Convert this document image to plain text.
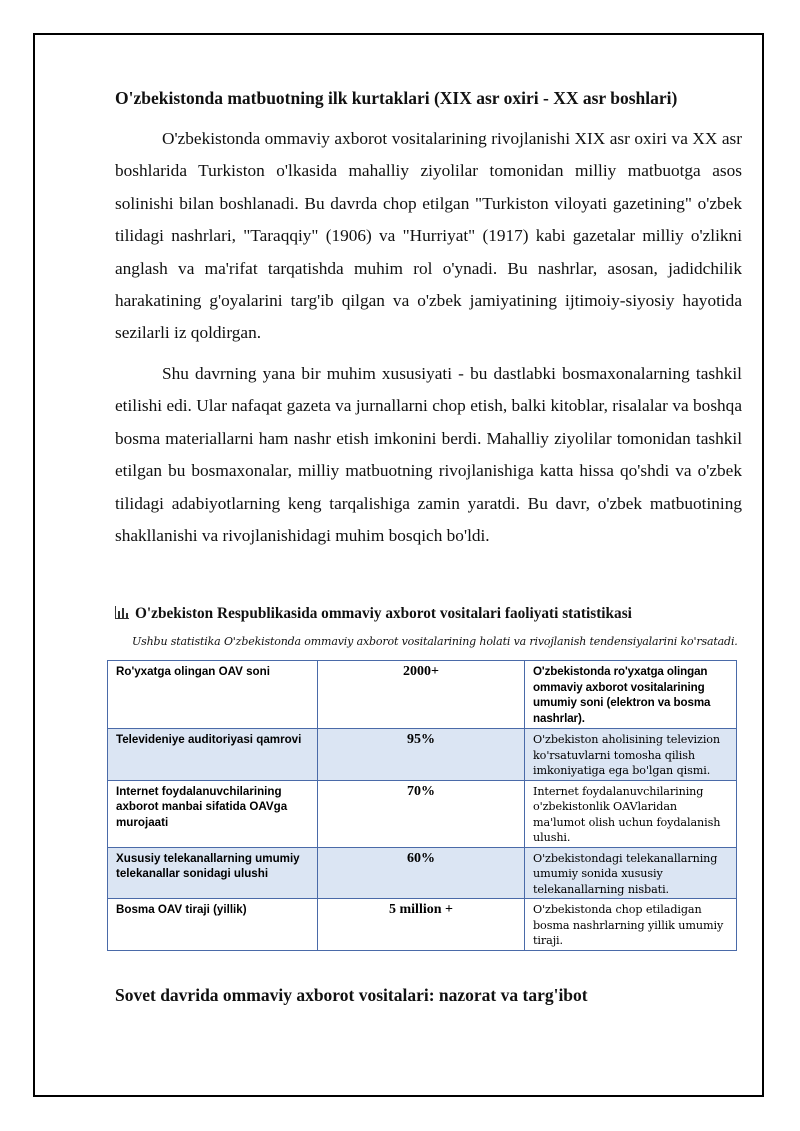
O'zbekistonda matbuotning ilk kurtaklari (XIX asr oxiri - XX asr boshlari)

O'zbekistonda ommaviy axborot vositalarining rivojlanishi XIX asr oxiri va XX asr boshlarida Turkiston o'lkasida mahalliy ziyolilar tomonidan milliy matbuotga asos solinishi bilan boshlanadi. Bu davrda chop etilgan "Turkiston viloyati gazetining" o'zbek tilidagi nashrlari, "Taraqqiy" (1906) va "Hurriyat" (1917) kabi gazetalar milliy o'zlikni anglash va ma'rifat tarqatishda muhim rol o'ynadi. Bu nashrlar, asosan, jadidchilik harakatining g'oyalarini targ'ib qilgan va o'zbek jamiyatining ijtimoiy-siyosiy hayotida sezilarli iz qoldirgan.

Shu davrning yana bir muhim xususiyati - bu dastlabki bosmaxonalarning tashkil etilishi edi. Ular nafaqat gazeta va jurnallarni chop etish, balki kitoblar, risalalar va boshqa bosma materiallarni ham nashr etish imkonini berdi. Mahalliy ziyolilar tomonidan tashkil etilgan bu bosmaxonalar, milliy matbuotning rivojlanishiga katta hissa qo'shdi va o'zbek tilidagi adabiyotlarning keng tarqalishiga zamin yaratdi. Bu davr, o'zbek matbuotining shakllanishi va rivojlanishidagi muhim bosqich bo'ldi.

O'zbekiston Respublikasida ommaviy axborot vositalari faoliyati statistikasi
Ushbu statistika O'zbekistonda ommaviy axborot vositalarining holati va rivojlanish tendensiyalarini ko'rsatadi.
Ro'yxatga olingan OAV soni	2000+	O'zbekistonda ro'yxatga olingan ommaviy axborot vositalarining umumiy soni (elektron va bosma nashrlar).
Televideniye auditoriyasi qamrovi	95%	O'zbekiston aholisining televizion ko'rsatuvlarni tomosha qilish imkoniyatiga ega bo'lgan qismi.
Internet foydalanuvchilarining axborot manbai sifatida OAVga murojaati	70%	Internet foydalanuvchilarining o'zbekistonlik OAVlaridan ma'lumot olish uchun foydalanish ulushi.
Xususiy telekanallarning umumiy telekanallar sonidagi ulushi	60%	O'zbekistondagi telekanallarning umumiy sonida xususiy telekanallarning nisbati.
Bosma OAV tiraji (yillik)	5 million +	O'zbekistonda chop etiladigan bosma nashrlarning yillik umumiy tiraji.
Sovet davrida ommaviy axborot vositalari: nazorat va targ'ibot
